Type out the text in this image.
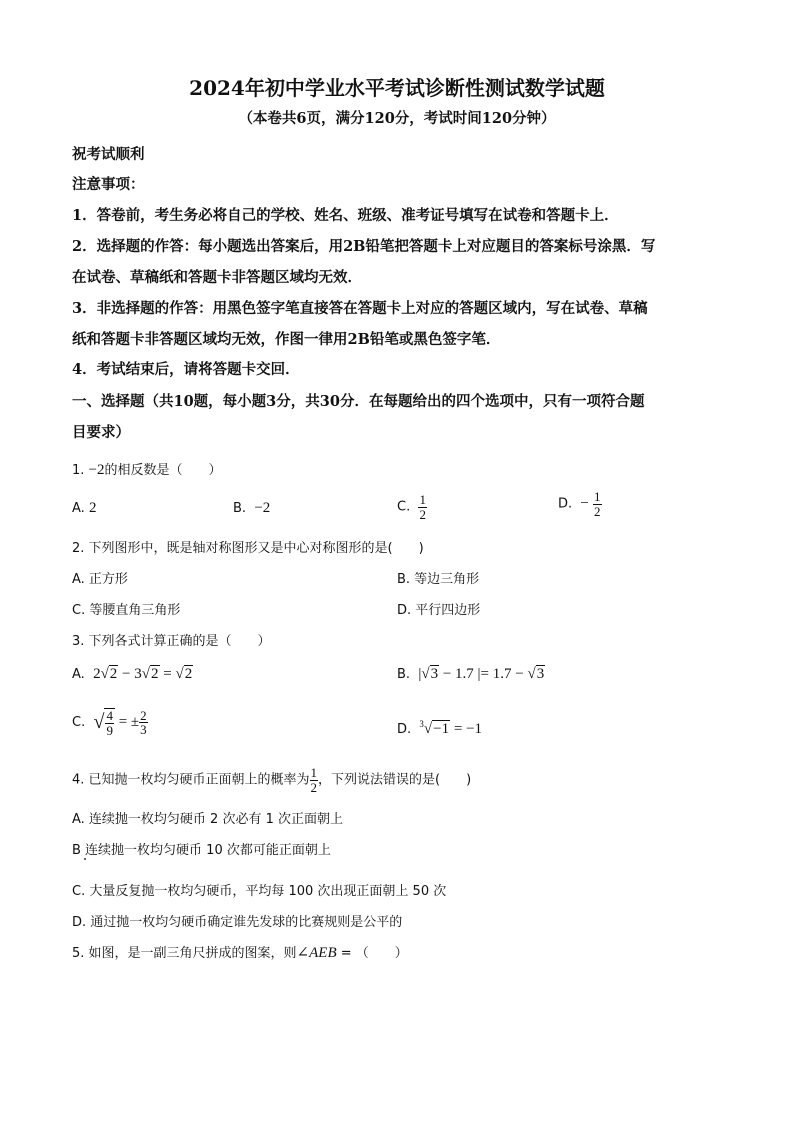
2024年初中学业水平考试诊断性测试数学试题
（本卷共6页，满分120分，考试时间120分钟）
祝考试顺利
注意事项：
1．答卷前，考生务必将自己的学校、姓名、班级、准考证号填写在试卷和答题卡上．
2．选择题的作答：每小题选出答案后，用2B铅笔把答题卡上对应题目的答案标号涂黑．写
在试卷、草稿纸和答题卡非答题区域均无效．
3．非选择题的作答：用黑色签字笔直接答在答题卡上对应的答题区域内，写在试卷、草稿
纸和答题卡非答题区域均无效，作图一律用2B铅笔或黑色签字笔．
4．考试结束后，请将答题卡交回．
一、选择题（共10题，每小题3分，共30分．在每题给出的四个选项中，只有一项符合题
目要求）
1. −2的相反数是（　　）
A. 2	B. −2	C. $\frac{1}{2}$	D. − $\frac{1}{2}$
2. 下列图形中，既是轴对称图形又是中心对称图形的是(　　)
A. 正方形	B. 等边三角形
C. 等腰直角三角形	D. 平行四边形
3. 下列各式计算正确的是（　　）
A. 2√2 − 3√2 = √2	B. |√3 − 1.7 |= 1.7 − √3
C. √ $\frac{4}{9}$ = ± $\frac{2}{3}$	D. $^3$√−1 = −1
4. 已知抛一枚均匀硬币正面朝上的概率为 $\frac{1}{2}$ ，下列说法错误的是(　　)
A. 连续抛一枚均匀硬币 2 次必有 1 次正面朝上
B 连续抛一枚均匀硬币 10 次都可能正面朝上
C. 大量反复抛一枚均匀硬币，平均每 100 次出现正面朝上 50 次
D. 通过抛一枚均匀硬币确定谁先发球的比赛规则是公平的
5. 如图，是一副三角尺拼成的图案，则∠AEB = （　　）
